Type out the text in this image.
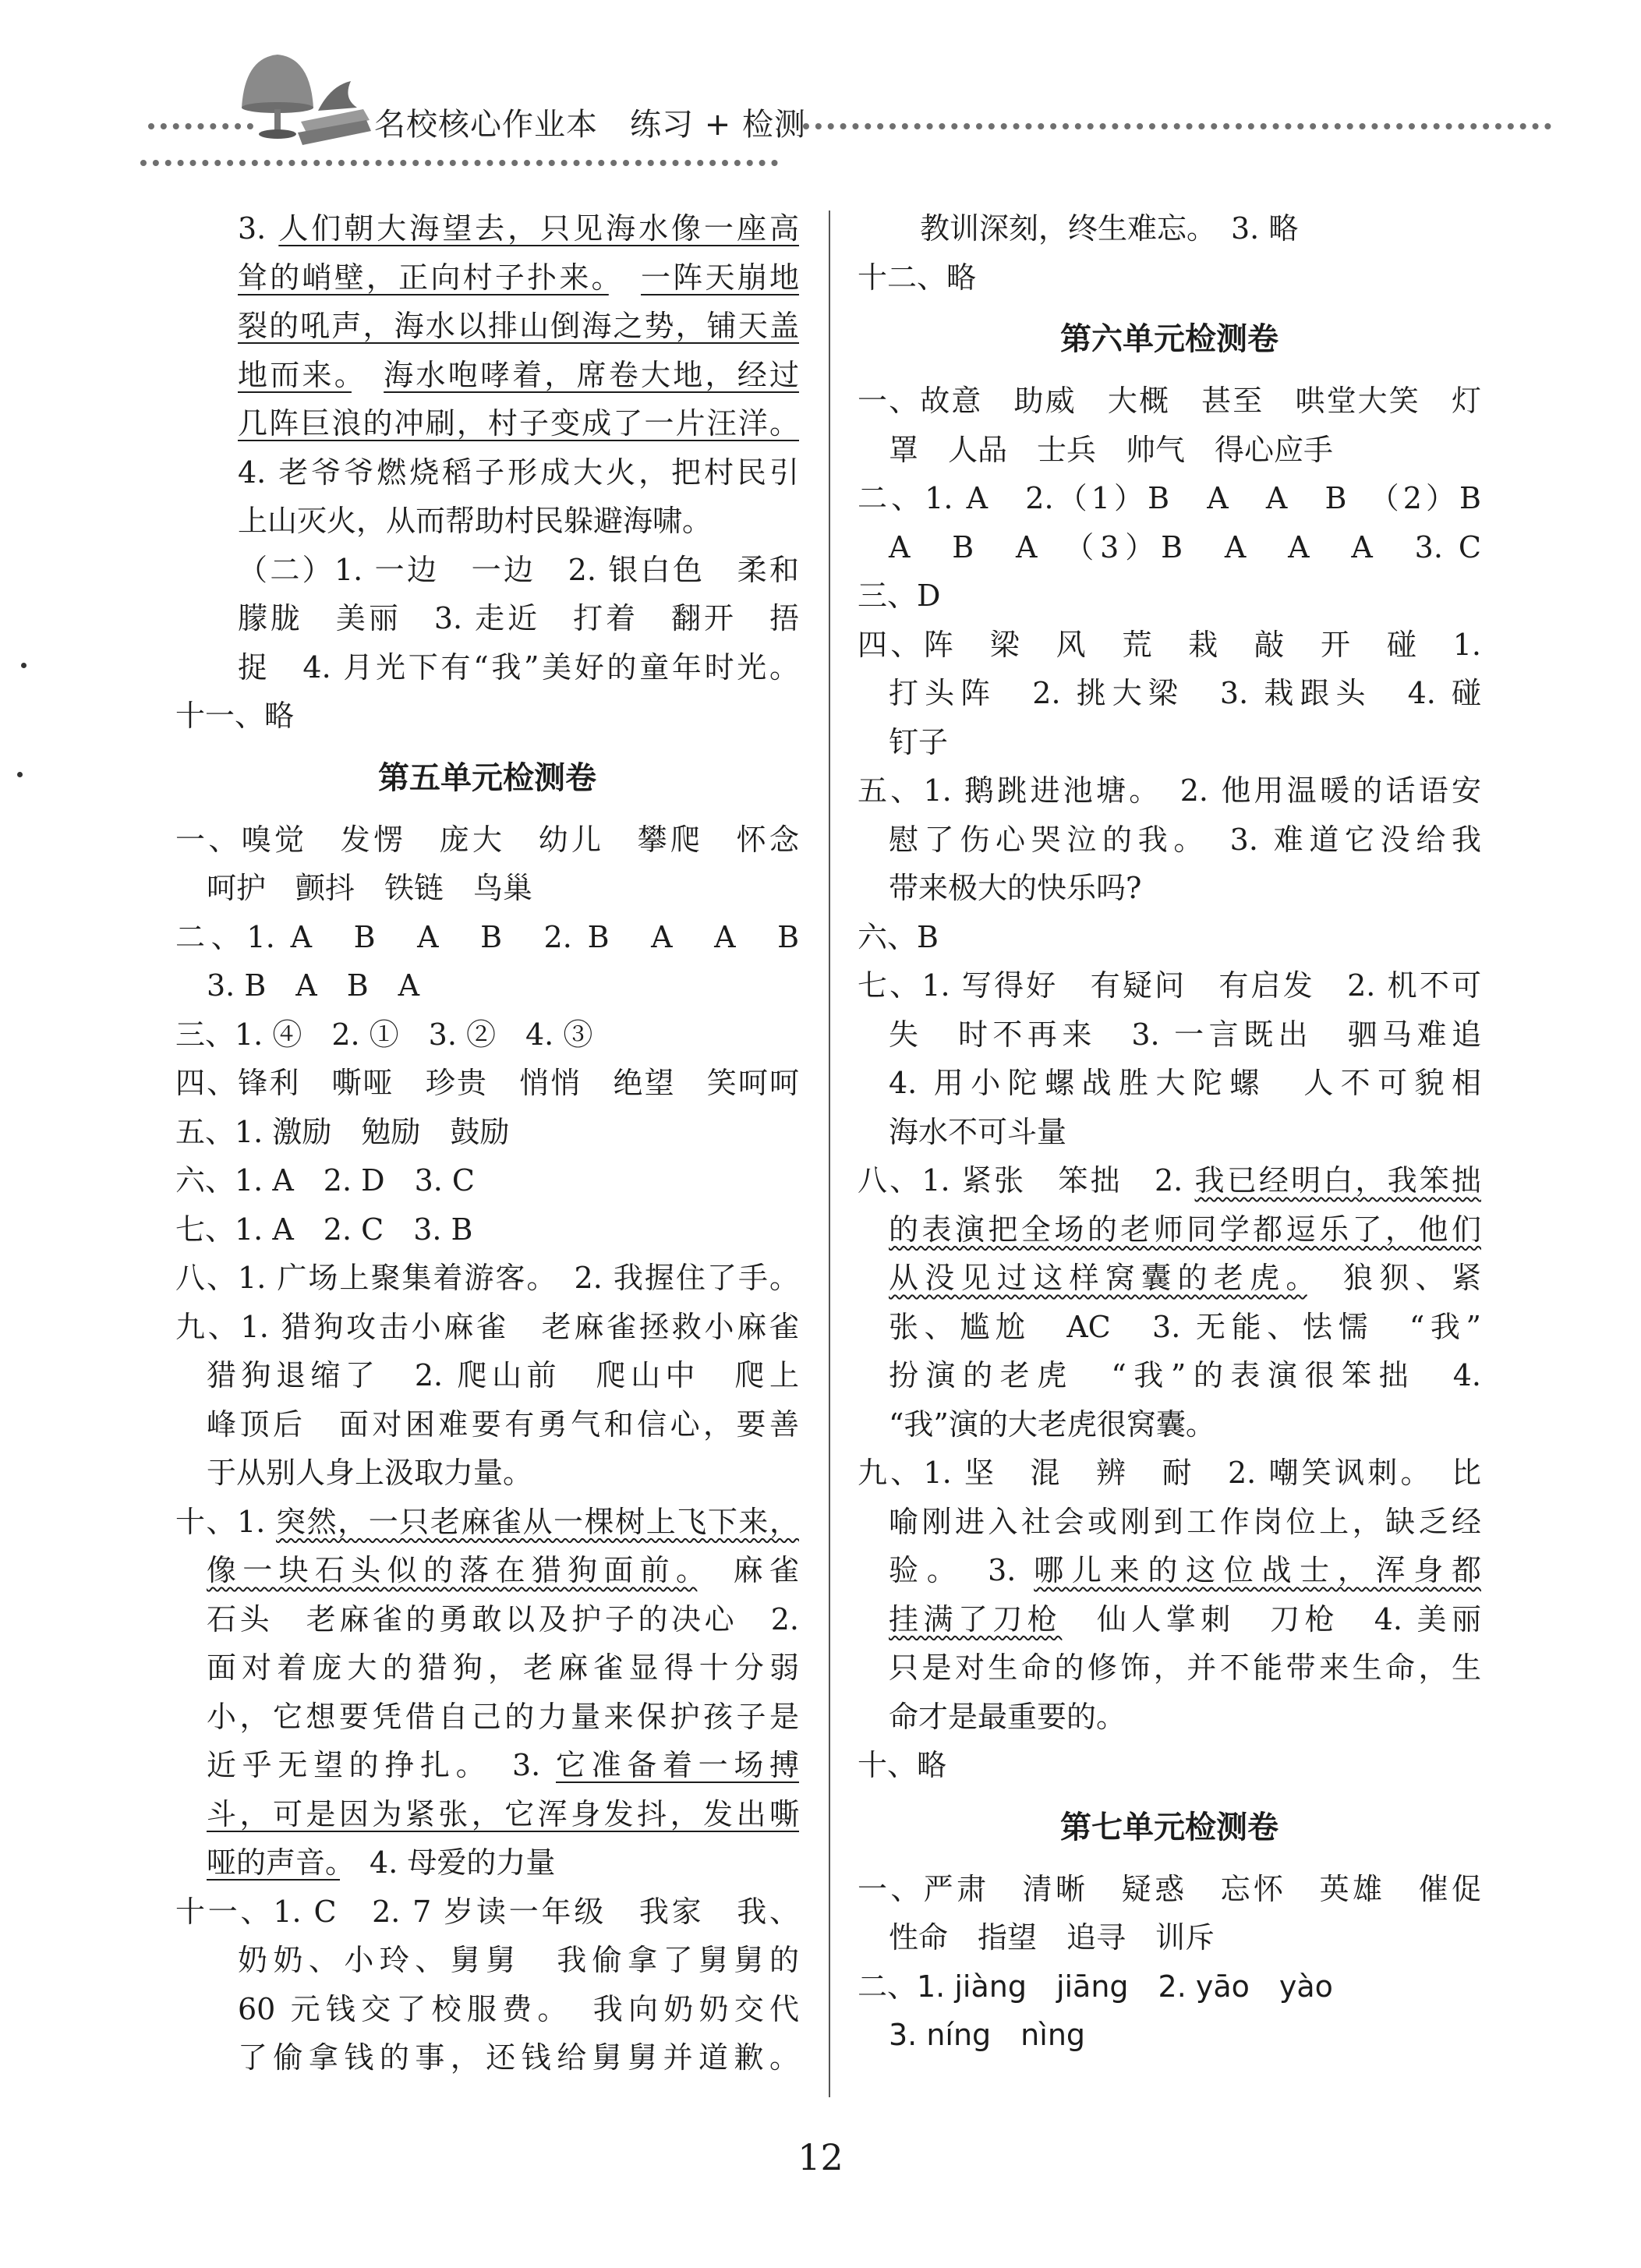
名校核心作业本　练习 + 检测
3. 人们朝大海望去，只见海水像一座高
耸的峭壁，正向村子扑来。　 一阵天崩地
裂的吼声，海水以排山倒海之势，铺天盖
地而来。　 海水咆哮着，席卷大地，经过
几阵巨浪的冲刷，村子变成了一片汪洋。
4. 老爷爷燃烧稻子形成大火，把村民引
上山灭火，从而帮助村民躲避海啸。
（二）1. 一边　一边　2. 银白色　柔和
朦胧　美丽　3. 走近　打着　翻开　捂
捉　4. 月光下有“我”美好的童年时光。
十一、略
第五单元检测卷
一、嗅觉　发愣　庞大　幼儿　攀爬　怀念
呵护　颤抖　铁链　鸟巢
二、1. A　B　A　B　2. B　A　A　B
3. B　A　B　A
三、1. ④　2. ①　3. ②　4. ③
四、锋利　嘶哑　珍贵　悄悄　绝望　笑呵呵
五、1. 激励　勉励　鼓励
六、1. A　2. D　3. C
七、1. A　2. C　3. B
八、1. 广场上聚集着游客。　2. 我握住了手。
九、1. 猎狗攻击小麻雀　老麻雀拯救小麻雀
猎狗退缩了　2. 爬山前　爬山中　爬上
峰顶后　面对困难要有勇气和信心，要善
于从别人身上汲取力量。
十、1. 突然，一只老麻雀从一棵树上飞下来，
像一块石头似的落在猎狗面前。　麻雀
石头　老麻雀的勇敢以及护子的决心　2.
面对着庞大的猎狗，老麻雀显得十分弱
小，它想要凭借自己的力量来保护孩子是
近乎无望的挣扎。　3. 它准备着一场搏
斗，可是因为紧张，它浑身发抖，发出嘶
哑的声音。　4. 母爱的力量
十一、1. C　2. 7 岁读一年级　我家　我、
奶奶、小玲、舅舅　我偷拿了舅舅的
60 元钱交了校服费。　我向奶奶交代
了偷拿钱的事，还钱给舅舅并道歉。
教训深刻，终生难忘。　3. 略
十二、略
第六单元检测卷
一、故意　助威　大概　甚至　哄堂大笑　灯
罩　人品　士兵　帅气　得心应手
二、1. A　2.（1）B　A　A　B　（2）B
A　B　A　（3）B　A　A　A　3. C
三、D
四、阵　梁　风　荒　栽　敲　开　碰　1.
打头阵　2. 挑大梁　3. 栽跟头　4. 碰
钉子
五、1. 鹅跳进池塘。　2. 他用温暖的话语安
慰了伤心哭泣的我。　3. 难道它没给我
带来极大的快乐吗?
六、B
七、1. 写得好　有疑问　有启发　2. 机不可
失　时不再来　3. 一言既出　驷马难追
4. 用小陀螺战胜大陀螺　人不可貌相
海水不可斗量
八、1. 紧张　笨拙　2. 我已经明白，我笨拙
的表演把全场的老师同学都逗乐了，他们
从没见过这样窝囊的老虎。　狼狈、紧
张、尴尬　AC　3. 无能、怯懦　“我”
扮演的老虎　“我”的表演很笨拙　4.
“我”演的大老虎很窝囊。
九、1. 坚　混　辨　耐　2. 嘲笑讽刺。　比
喻刚进入社会或刚到工作岗位上，缺乏经
验。　3. 哪儿来的这位战士，浑身都
挂满了刀枪　仙人掌刺　刀枪　4. 美丽
只是对生命的修饰，并不能带来生命，生
命才是最重要的。
十、略
第七单元检测卷
一、严肃　清晰　疑惑　忘怀　英雄　催促
性命　指望　追寻　训斥
二、1. jiàng　jiāng　2. yāo　yào
3. níng　nìng
12
